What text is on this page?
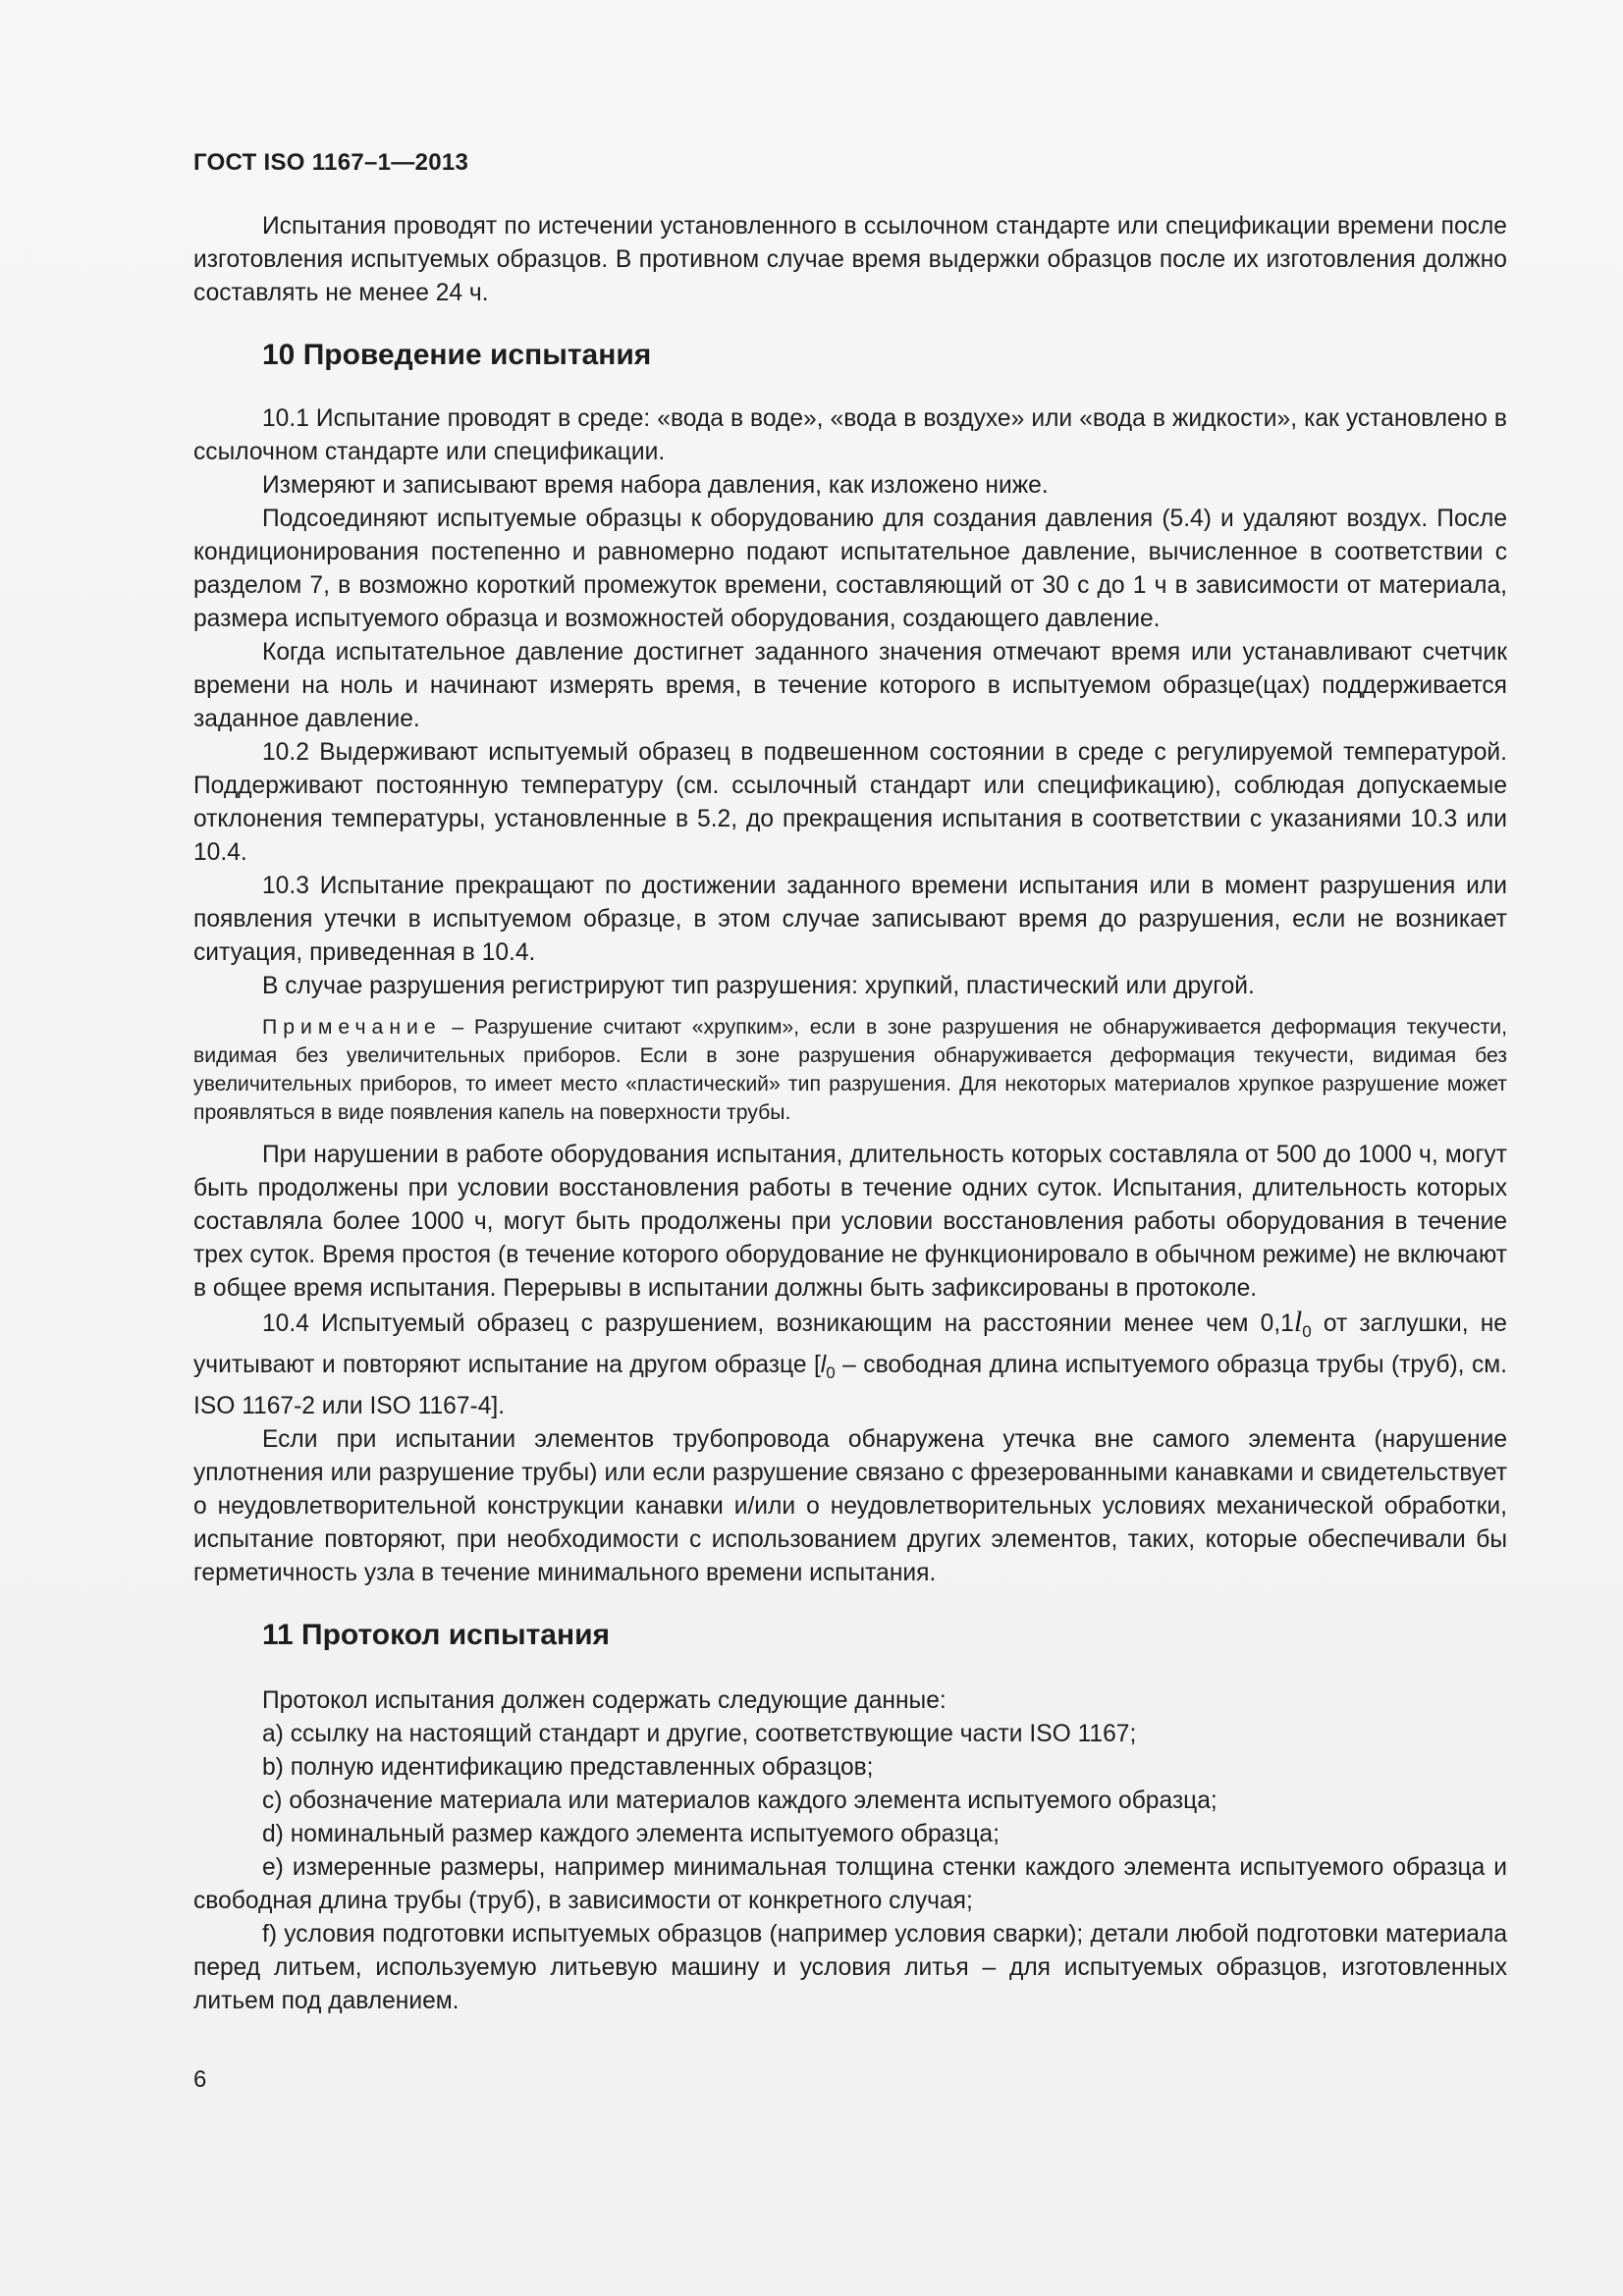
ГОСТ ISO 1167–1—2013

Испытания проводят по истечении установленного в ссылочном стандарте или спецификации времени после изготовления испытуемых образцов. В противном случае время выдержки образцов после их изготовления должно составлять не менее 24 ч.

10 Проведение испытания

10.1 Испытание проводят в среде: «вода в воде», «вода в воздухе» или «вода в жидкости», как установлено в ссылочном стандарте или спецификации.

Измеряют и записывают время набора давления, как изложено ниже.

Подсоединяют испытуемые образцы к оборудованию для создания давления (5.4) и удаляют воздух. После кондиционирования постепенно и равномерно подают испытательное давление, вычисленное в соответствии с разделом 7, в возможно короткий промежуток времени, составляющий от 30 с до 1 ч в зависимости от материала, размера испытуемого образца и возможностей оборудования, создающего давление.

Когда испытательное давление достигнет заданного значения отмечают время или устанавливают счетчик времени на ноль и начинают измерять время, в течение которого в испытуемом образце(цах) поддерживается заданное давление.

10.2 Выдерживают испытуемый образец в подвешенном состоянии в среде с регулируемой температурой. Поддерживают постоянную температуру (см. ссылочный стандарт или спецификацию), соблюдая допускаемые отклонения температуры, установленные в 5.2, до прекращения испытания в соответствии с указаниями 10.3 или 10.4.

10.3 Испытание прекращают по достижении заданного времени испытания или в момент разрушения или появления утечки в испытуемом образце, в этом случае записывают время до разрушения, если не возникает ситуация, приведенная в 10.4.

В случае разрушения регистрируют тип разрушения: хрупкий, пластический или другой.

Примечание – Разрушение считают «хрупким», если в зоне разрушения не обнаруживается деформация текучести, видимая без увеличительных приборов. Если в зоне разрушения обнаруживается деформация текучести, видимая без увеличительных приборов, то имеет место «пластический» тип разрушения. Для некоторых материалов хрупкое разрушение может проявляться в виде появления капель на поверхности трубы.

При нарушении в работе оборудования испытания, длительность которых составляла от 500 до 1000 ч, могут быть продолжены при условии восстановления работы в течение одних суток. Испытания, длительность которых составляла более 1000 ч, могут быть продолжены при условии восстановления работы оборудования в течение трех суток. Время простоя (в течение которого оборудование не функционировало в обычном режиме) не включают в общее время испытания. Перерывы в испытании должны быть зафиксированы в протоколе.

10.4 Испытуемый образец с разрушением, возникающим на расстоянии менее чем $0,1l_0$ от заглушки, не учитывают и повторяют испытание на другом образце [$l_0$ – свободная длина испытуемого образца трубы (труб), см. ISO 1167-2 или ISO 1167-4].

Если при испытании элементов трубопровода обнаружена утечка вне самого элемента (нарушение уплотнения или разрушение трубы) или если разрушение связано с фрезерованными канавками и свидетельствует о неудовлетворительной конструкции канавки и/или о неудовлетворительных условиях механической обработки, испытание повторяют, при необходимости с использованием других элементов, таких, которые обеспечивали бы герметичность узла в течение минимального времени испытания.

11 Протокол испытания

Протокол испытания должен содержать следующие данные:

a) ссылку на настоящий стандарт и другие, соответствующие части ISO 1167;

b) полную идентификацию представленных образцов;

c) обозначение материала или материалов каждого элемента испытуемого образца;

d) номинальный размер каждого элемента испытуемого образца;

e) измеренные размеры, например минимальная толщина стенки каждого элемента испытуемого образца и свободная длина трубы (труб), в зависимости от конкретного случая;

f) условия подготовки испытуемых образцов (например условия сварки); детали любой подготовки материала перед литьем, используемую литьевую машину и условия литья – для испытуемых образцов, изготовленных литьем под давлением.

6
